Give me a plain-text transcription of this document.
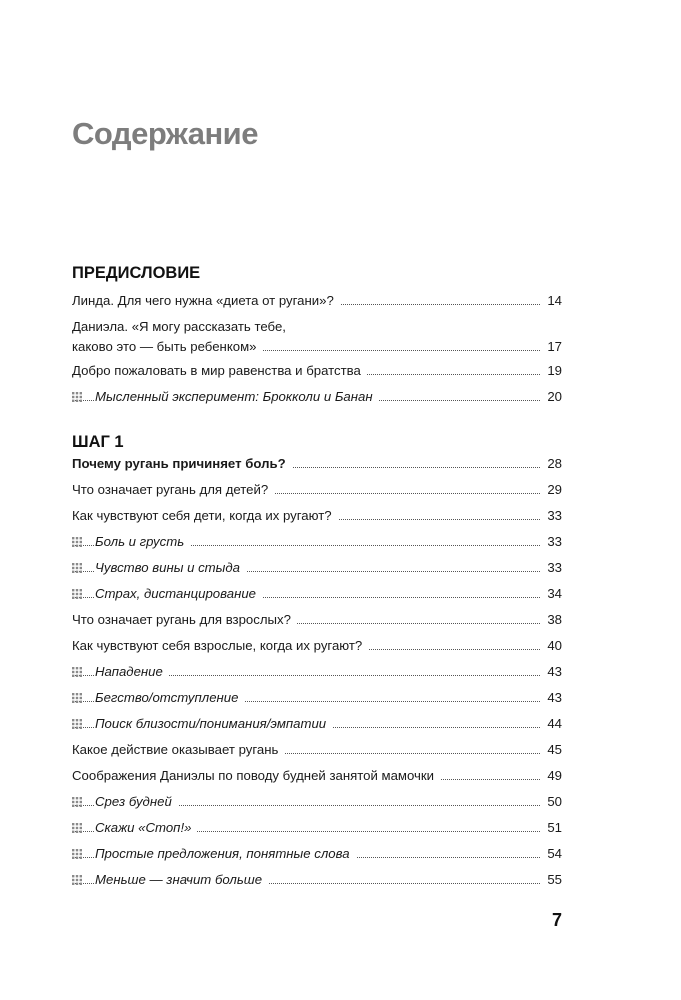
Содержание
ПРЕДИСЛОВИЕ
Линда. Для чего нужна «диета от ругани»?	14
Даниэла. «Я могу рассказать тебе,
каково это — быть ребенком»	17
Добро пожаловать в мир равенства и братства	19
Мысленный эксперимент: Брокколи и Банан	20
ШАГ 1
Почему ругань причиняет боль?	28
Что означает ругань для детей?	29
Как чувствуют себя дети, когда их ругают?	33
Боль и грусть	33
Чувство вины и стыда	33
Страх, дистанцирование	34
Что означает ругань для взрослых?	38
Как чувствуют себя взрослые, когда их ругают?	40
Нападение	43
Бегство/отступление	43
Поиск близости/понимания/эмпатии	44
Какое действие оказывает ругань	45
Соображения Даниэлы по поводу будней занятой мамочки	49
Срез будней	50
Скажи «Стоп!»	51
Простые предложения, понятные слова	54
Меньше — значит больше	55
7
